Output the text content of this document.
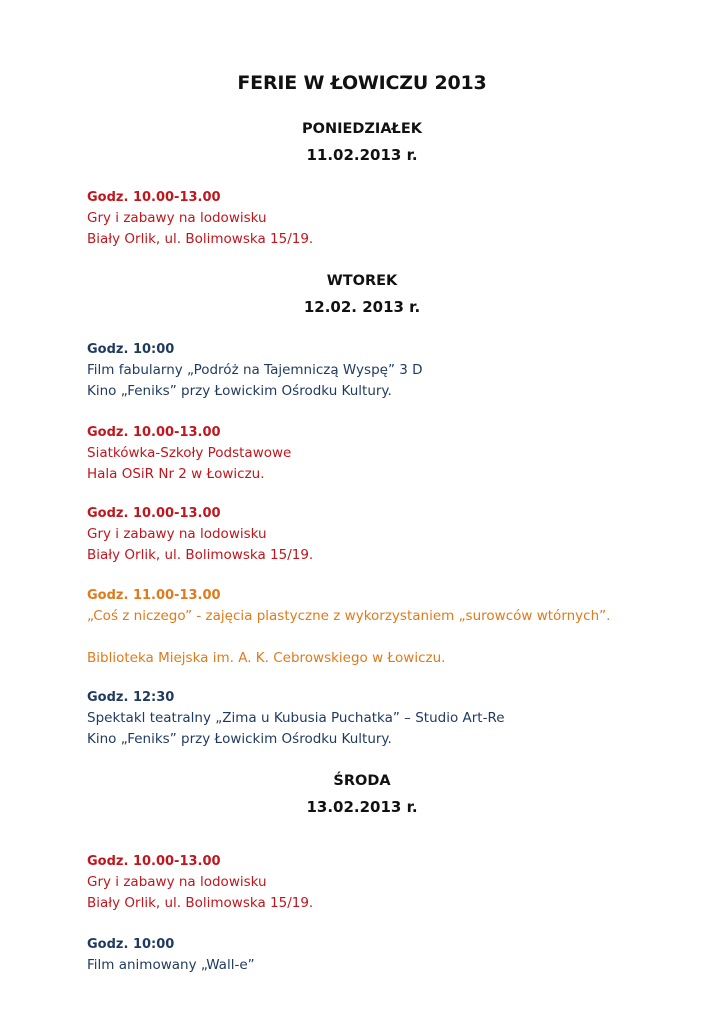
FERIE W ŁOWICZU 2013
PONIEDZIAŁEK
11.02.2013 r.
Godz. 10.00-13.00
Gry i zabawy na lodowisku
Biały Orlik, ul. Bolimowska 15/19.
WTOREK
12.02. 2013 r.
Godz. 10:00
Film fabularny „Podróż na Tajemniczą Wyspę” 3 D
Kino „Feniks” przy Łowickim Ośrodku Kultury.
Godz. 10.00-13.00
Siatkówka-Szkoły Podstawowe
Hala OSiR Nr 2 w Łowiczu.
Godz. 10.00-13.00
Gry i zabawy na lodowisku
Biały Orlik, ul. Bolimowska 15/19.
Godz. 11.00-13.00
„Coś z niczego” - zajęcia plastyczne z wykorzystaniem „surowców wtórnych”.
Biblioteka Miejska im. A. K. Cebrowskiego w Łowiczu.
Godz. 12:30
Spektakl teatralny „Zima u Kubusia Puchatka” – Studio Art-Re
Kino „Feniks” przy Łowickim Ośrodku Kultury.
ŚRODA
13.02.2013 r.
Godz. 10.00-13.00
Gry i zabawy na lodowisku
Biały Orlik, ul. Bolimowska 15/19.
Godz. 10:00
Film animowany „Wall-e”
